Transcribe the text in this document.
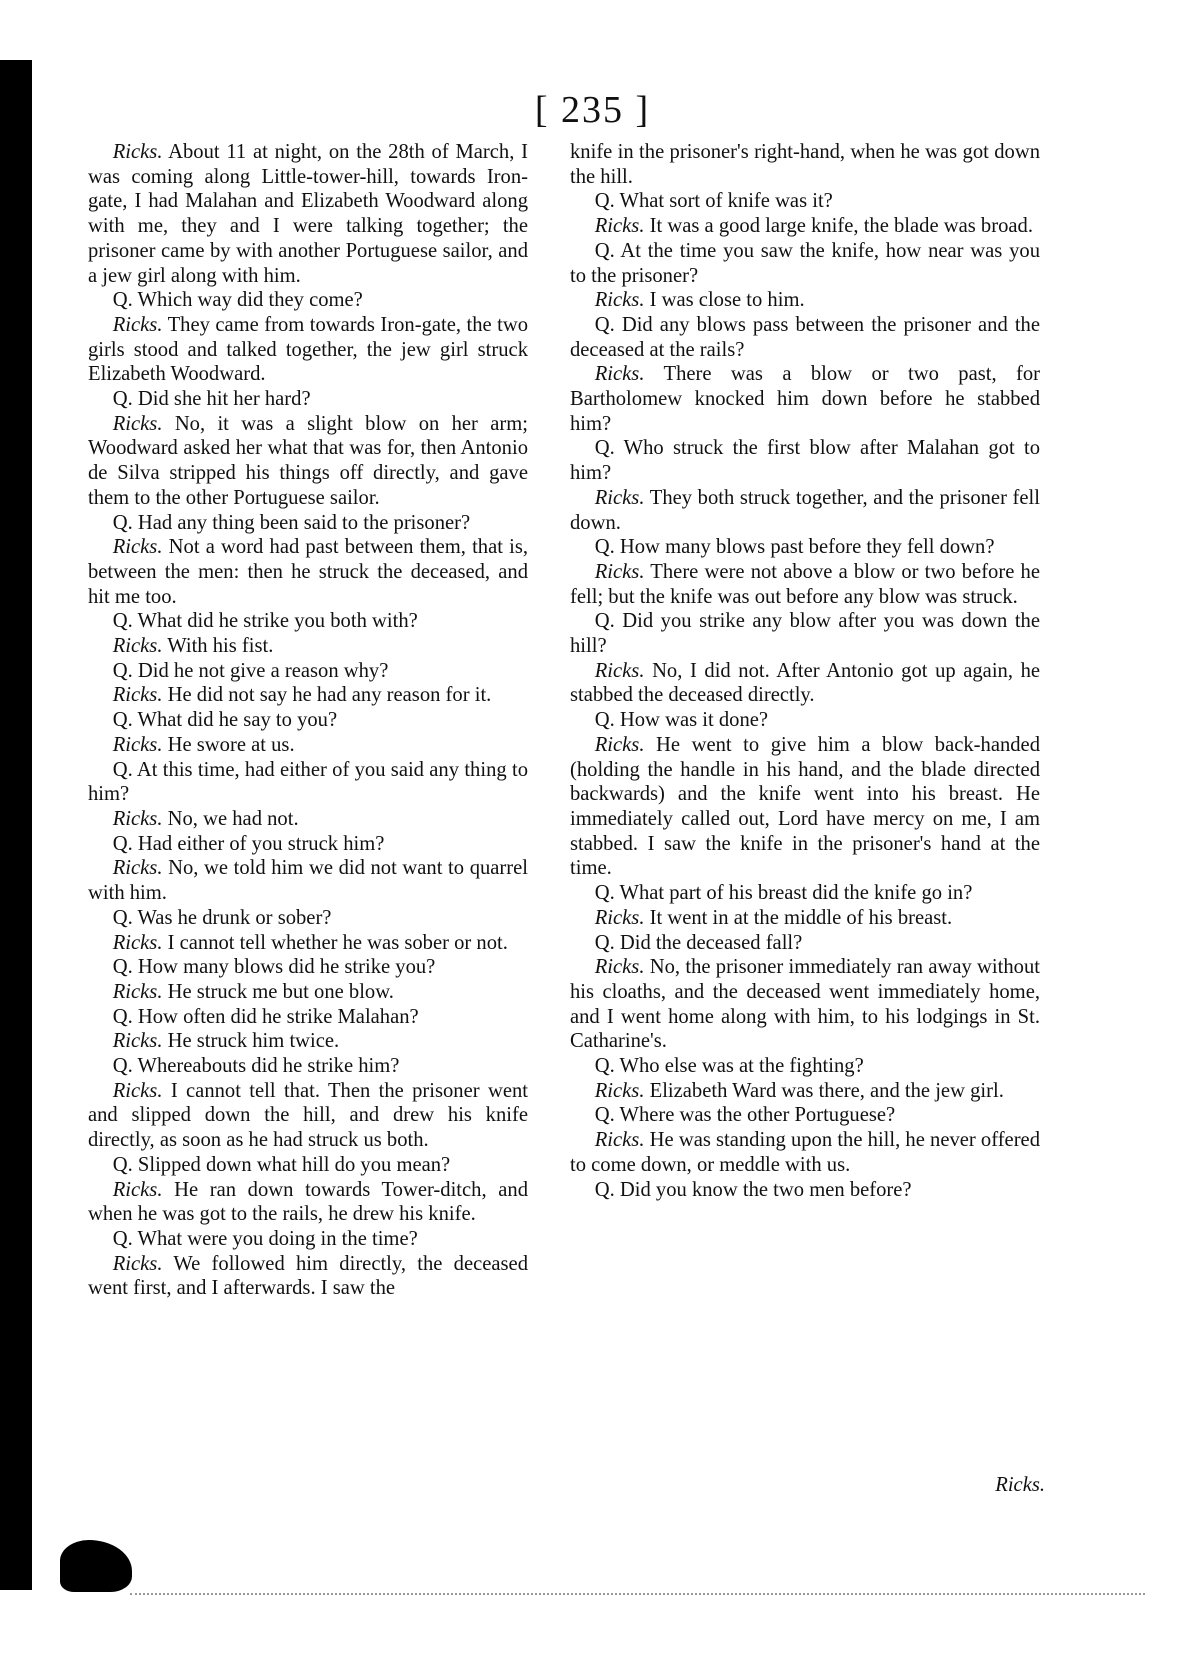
[ 235 ]

Ricks. About 11 at night, on the 28th of March, I was coming along Little-tower-hill, towards Iron-gate, I had Malahan and Elizabeth Woodward along with me, they and I were talking together; the prisoner came by with another Portuguese sailor, and a jew girl along with him.

Q. Which way did they come?

Ricks. They came from towards Iron-gate, the two girls stood and talked together, the jew girl struck Elizabeth Woodward.

Q. Did she hit her hard?

Ricks. No, it was a slight blow on her arm; Woodward asked her what that was for, then Antonio de Silva stripped his things off directly, and gave them to the other Portuguese sailor.

Q. Had any thing been said to the prisoner?

Ricks. Not a word had past between them, that is, between the men: then he struck the deceased, and hit me too.

Q. What did he strike you both with?

Ricks. With his fist.

Q. Did he not give a reason why?

Ricks. He did not say he had any reason for it.

Q. What did he say to you?

Ricks. He swore at us.

Q. At this time, had either of you said any thing to him?

Ricks. No, we had not.

Q. Had either of you struck him?

Ricks. No, we told him we did not want to quarrel with him.

Q. Was he drunk or sober?

Ricks. I cannot tell whether he was sober or not.

Q. How many blows did he strike you?

Ricks. He struck me but one blow.

Q. How often did he strike Malahan?

Ricks. He struck him twice.

Q. Whereabouts did he strike him?

Ricks. I cannot tell that. Then the prisoner went and slipped down the hill, and drew his knife directly, as soon as he had struck us both.

Q. Slipped down what hill do you mean?

Ricks. He ran down towards Tower-ditch, and when he was got to the rails, he drew his knife.

Q. What were you doing in the time?

Ricks. We followed him directly, the deceased went first, and I afterwards. I saw the

knife in the prisoner's right-hand, when he was got down the hill.

Q. What sort of knife was it?

Ricks. It was a good large knife, the blade was broad.

Q. At the time you saw the knife, how near was you to the prisoner?

Ricks. I was close to him.

Q. Did any blows pass between the prisoner and the deceased at the rails?

Ricks. There was a blow or two past, for Bartholomew knocked him down before he stabbed him?

Q. Who struck the first blow after Malahan got to him?

Ricks. They both struck together, and the prisoner fell down.

Q. How many blows past before they fell down?

Ricks. There were not above a blow or two before he fell; but the knife was out before any blow was struck.

Q. Did you strike any blow after you was down the hill?

Ricks. No, I did not. After Antonio got up again, he stabbed the deceased directly.

Q. How was it done?

Ricks. He went to give him a blow back-handed (holding the handle in his hand, and the blade directed backwards) and the knife went into his breast. He immediately called out, Lord have mercy on me, I am stabbed. I saw the knife in the prisoner's hand at the time.

Q. What part of his breast did the knife go in?

Ricks. It went in at the middle of his breast.

Q. Did the deceased fall?

Ricks. No, the prisoner immediately ran away without his cloaths, and the deceased went immediately home, and I went home along with him, to his lodgings in St. Catharine's.

Q. Who else was at the fighting?

Ricks. Elizabeth Ward was there, and the jew girl.

Q. Where was the other Portuguese?

Ricks. He was standing upon the hill, he never offered to come down, or meddle with us.

Q. Did you know the two men before?

Ricks.
